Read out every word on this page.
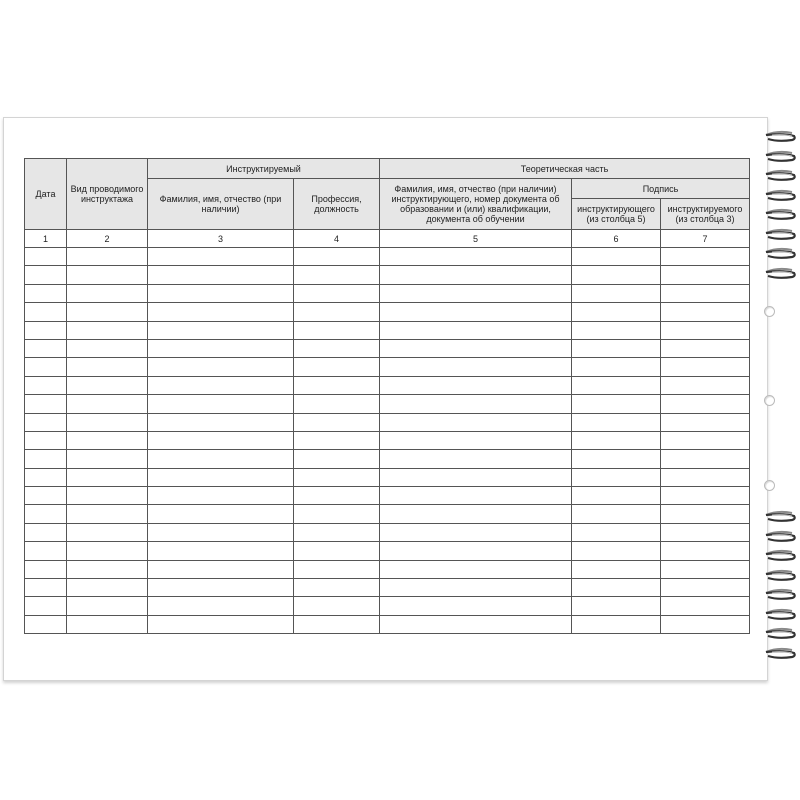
Дата	Вид проводимого инструктажа	Инструктируемый		Теоретическая часть		
		Фамилия, имя, отчество (при наличии)	Профессия, должность	Фамилия, имя, отчество (при наличии) инструктирующего, номер документа об образовании и (или) квалификации, документа об обучении	Подпись	
					инструктирующего (из столбца 5)	инструктируемого (из столбца 3)
1	2	3	4	5	6	7
